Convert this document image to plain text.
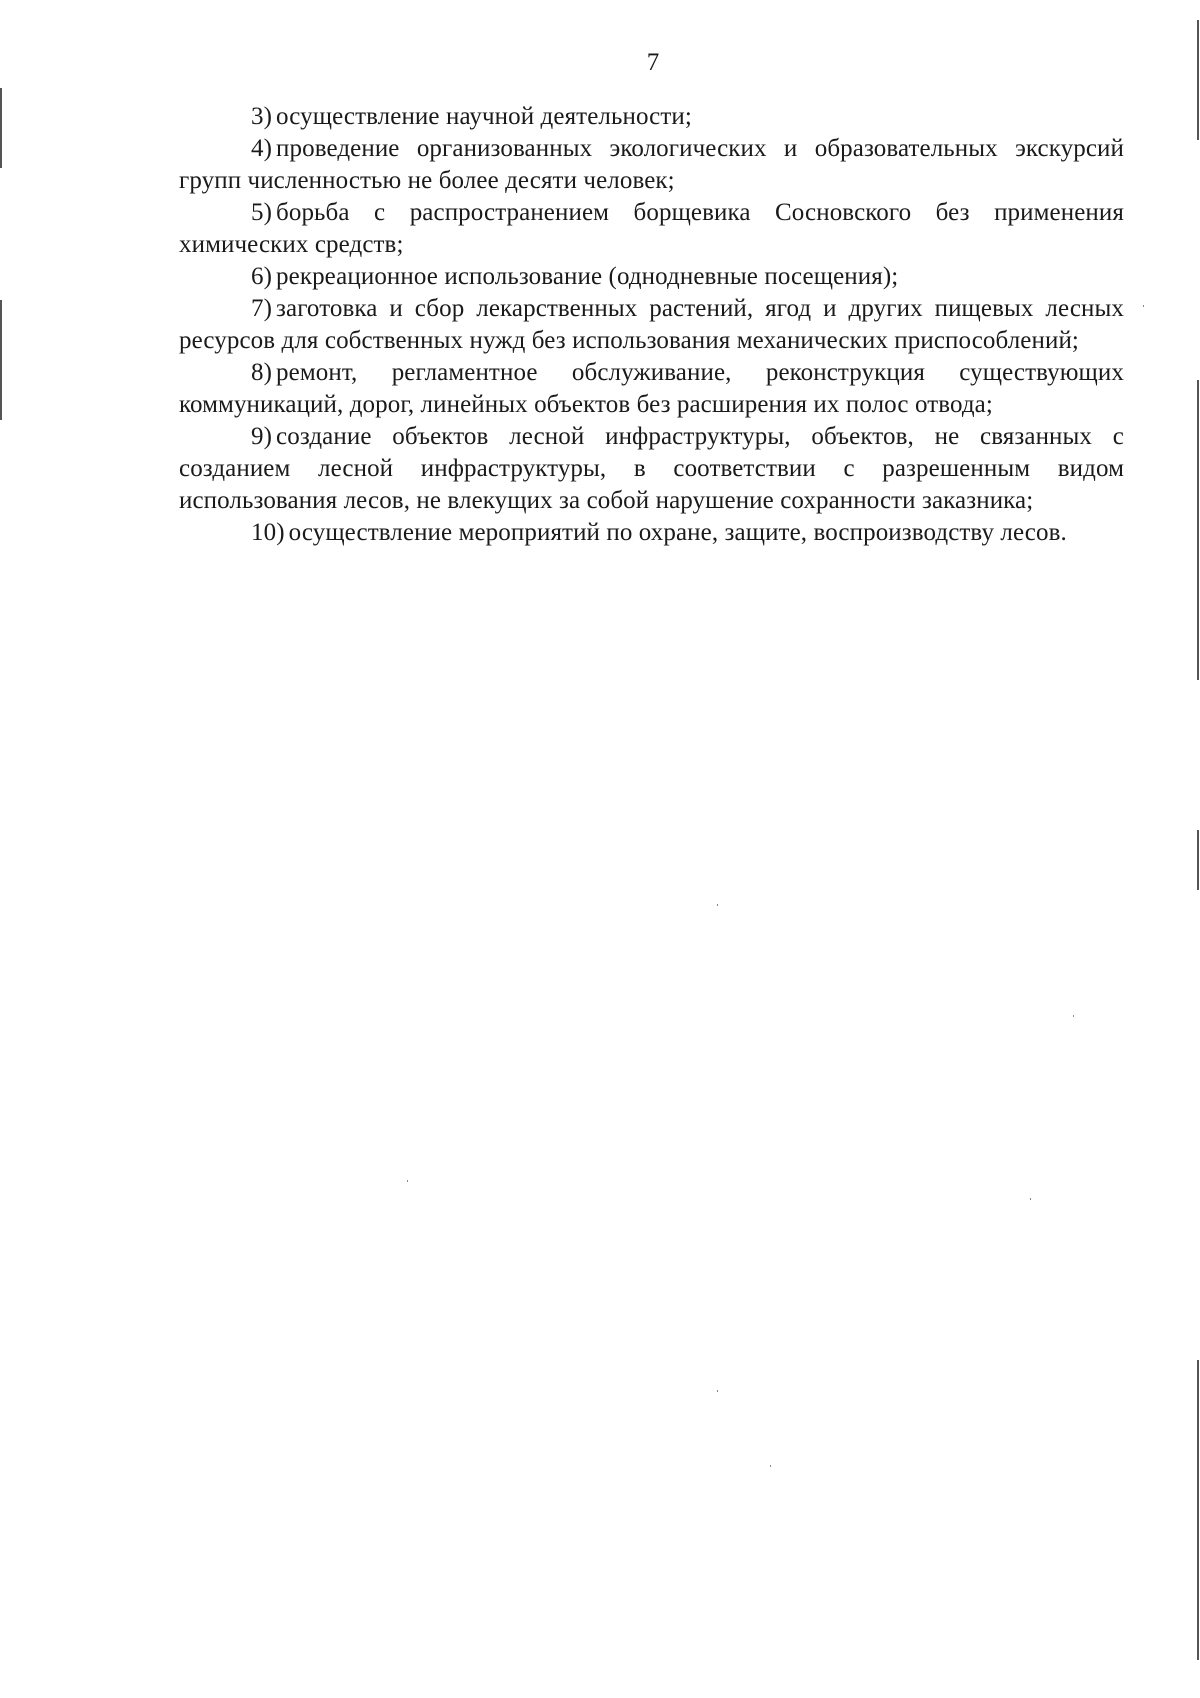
7

3) осуществление научной деятельности;

4) проведение организованных экологических и образовательных экскурсий групп численностью не более десяти человек;

5) борьба с распространением борщевика Сосновского без применения химических средств;

6) рекреационное использование (однодневные посещения);

7) заготовка и сбор лекарственных растений, ягод и других пищевых лесных ресурсов для собственных нужд без использования механических приспособлений;

8) ремонт, регламентное обслуживание, реконструкция существующих коммуникаций, дорог, линейных объектов без расширения их полос отвода;

9) создание объектов лесной инфраструктуры, объектов, не связанных с созданием лесной инфраструктуры, в соответствии с разрешенным видом использования лесов, не влекущих за собой нарушение сохранности заказника;

10) осуществление мероприятий по охране, защите, воспроизводству лесов.
